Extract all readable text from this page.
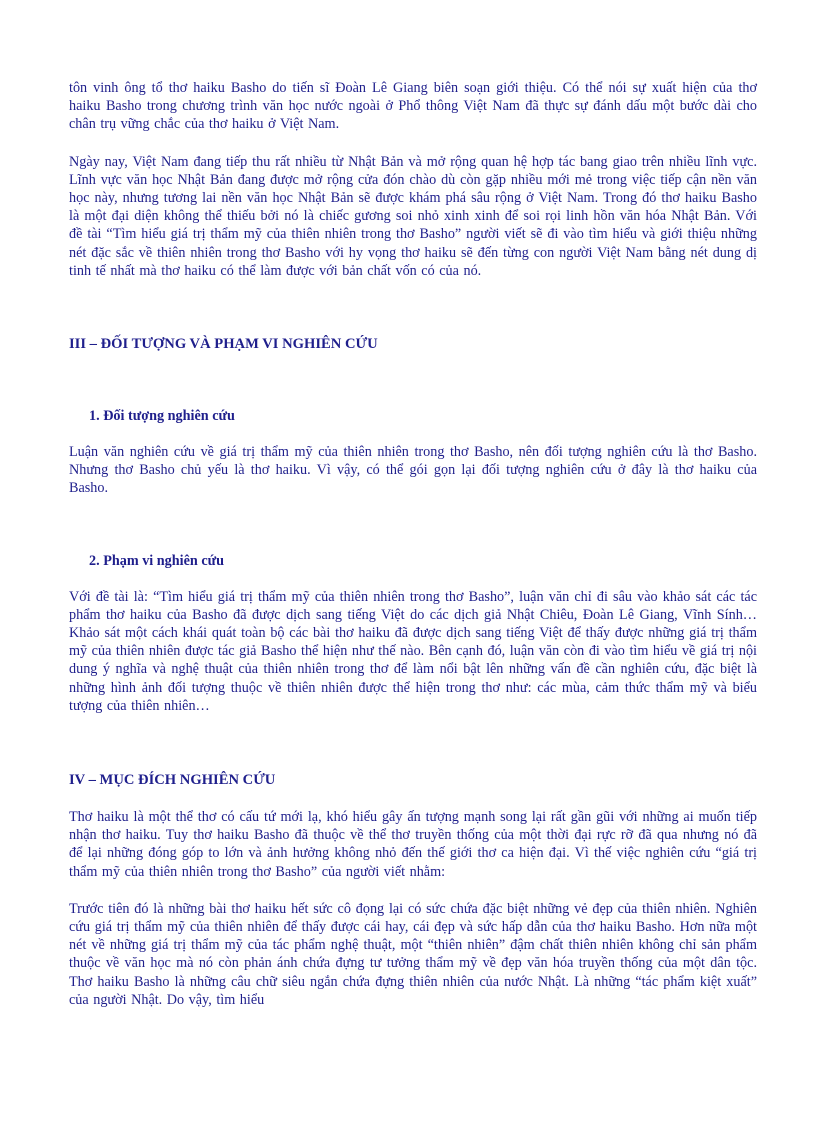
tôn vinh ông tổ thơ haiku Basho do tiến sĩ Đoàn Lê Giang biên soạn giới thiệu. Có thể nói sự xuất hiện của thơ haiku Basho trong chương trình văn học nước ngoài ở Phổ thông Việt Nam đã thực sự đánh dấu một bước dài cho chân trụ vững chắc của thơ haiku ở Việt Nam.

Ngày nay, Việt Nam đang tiếp thu rất nhiều từ Nhật Bản và mở rộng quan hệ hợp tác bang giao trên nhiều lĩnh vực. Lĩnh vực văn học Nhật Bản đang được mở rộng cửa đón chào dù còn gặp nhiều mới mẻ trong việc tiếp cận nền văn học này, nhưng tương lai nền văn học Nhật Bản sẽ được khám phá sâu rộng ở Việt Nam. Trong đó thơ haiku Basho là một đại diện không thể thiếu bởi nó là chiếc gương soi nhỏ xinh xinh để soi rọi linh hồn văn hóa Nhật Bản. Với đề tài “Tìm hiểu giá trị thẩm mỹ của thiên nhiên trong thơ Basho” người viết sẽ đi vào tìm hiểu và giới thiệu những nét đặc sắc về thiên nhiên trong thơ Basho với hy vọng thơ haiku sẽ đến từng con người Việt Nam bằng nét dung dị tinh tế nhất mà thơ haiku có thể làm được với bản chất vốn có của nó.

III – ĐỐI TƯỢNG VÀ PHẠM VI NGHIÊN CỨU
1. Đối tượng nghiên cứu

Luận văn nghiên cứu về giá trị thẩm mỹ của thiên nhiên trong thơ Basho, nên đối tượng nghiên cứu là thơ Basho. Nhưng thơ Basho chủ yếu là thơ haiku. Vì vậy, có thể gói gọn lại đối tượng nghiên cứu ở đây là thơ haiku của Basho.

2. Phạm vi nghiên cứu

Với đề tài là: “Tìm hiểu giá trị thẩm mỹ của thiên nhiên trong thơ Basho”, luận văn chỉ đi sâu vào khảo sát các tác phẩm thơ haiku của Basho đã được dịch sang tiếng Việt do các dịch giả Nhật Chiêu, Đoàn Lê Giang, Vĩnh Sính… Khảo sát một cách khái quát toàn bộ các bài thơ haiku đã được dịch sang tiếng Việt để thấy được những giá trị thẩm mỹ của thiên nhiên được tác giả Basho thể hiện như thế nào. Bên cạnh đó, luận văn còn đi vào tìm hiểu về giá trị nội dung ý nghĩa và nghệ thuật của thiên nhiên trong thơ để làm nổi bật lên những vấn đề cần nghiên cứu, đặc biệt là những hình ảnh đối tượng thuộc về thiên nhiên được thể hiện trong thơ như: các mùa, cảm thức thẩm mỹ và biểu tượng của thiên nhiên…

IV – MỤC ĐÍCH NGHIÊN CỨU

Thơ haiku là một thể thơ có cấu tứ mới lạ, khó hiểu gây ấn tượng mạnh song lại rất gần gũi với những ai muốn tiếp nhận thơ haiku. Tuy thơ haiku Basho đã thuộc về thể thơ truyền thống của một thời đại rực rỡ đã qua nhưng nó đã để lại những đóng góp to lớn và ảnh hưởng không nhỏ đến thế giới thơ ca hiện đại. Vì thế việc nghiên cứu “giá trị thẩm mỹ của thiên nhiên trong thơ Basho” của người viết nhằm:

Trước tiên đó là những bài thơ haiku hết sức cô đọng lại có sức chứa đặc biệt những vẻ đẹp của thiên nhiên. Nghiên cứu giá trị thẩm mỹ của thiên nhiên để thấy được cái hay, cái đẹp và sức hấp dẫn của thơ haiku Basho. Hơn nữa một nét về những giá trị thẩm mỹ của tác phẩm nghệ thuật, một “thiên nhiên” đậm chất thiên nhiên không chỉ sản phẩm thuộc về văn học mà nó còn phản ánh chứa đựng tư tưởng thẩm mỹ về đẹp văn hóa truyền thống của một dân tộc. Thơ haiku Basho là những câu chữ siêu ngắn chứa đựng thiên nhiên của nước Nhật. Là những “tác phẩm kiệt xuất” của người Nhật. Do vậy, tìm hiểu
